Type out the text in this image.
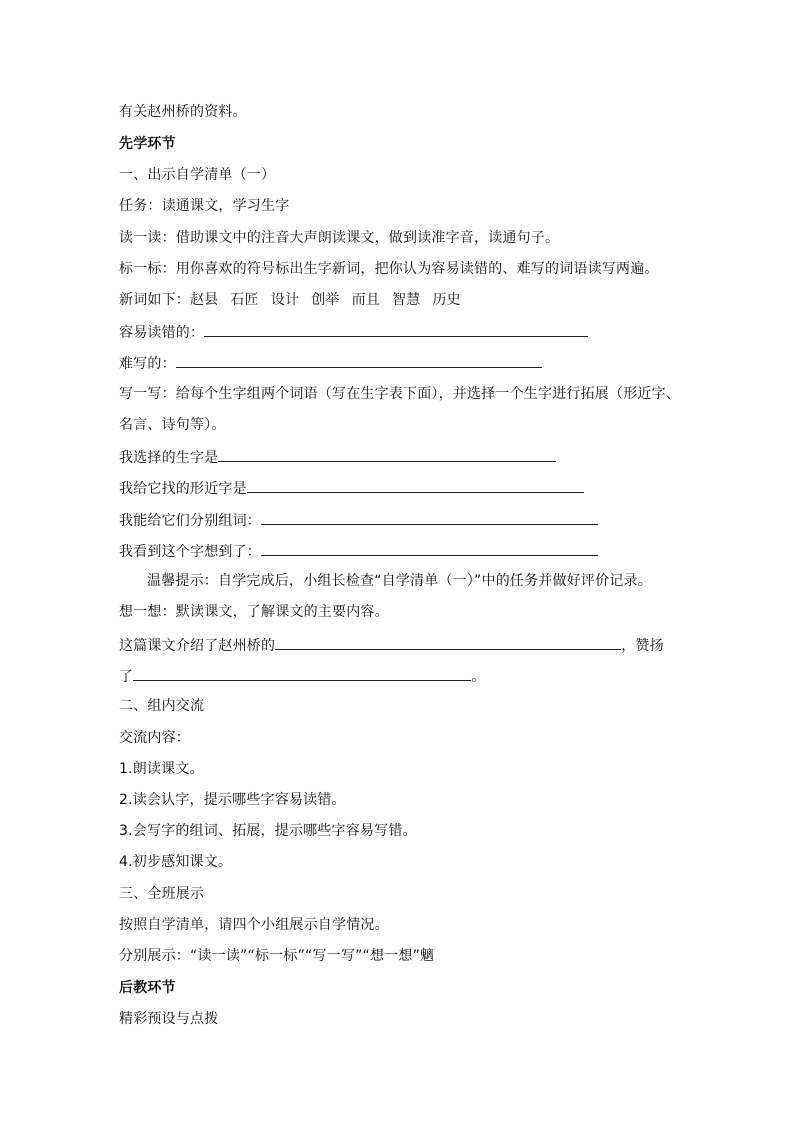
有关赵州桥的资料。
先学环节
一、出示自学清单（一）
任务：读通课文，学习生字
读一读：借助课文中的注音大声朗读课文，做到读准字音，读通句子。
标一标：用你喜欢的符号标出生字新词，把你认为容易读错的、难写的词语读写两遍。
新词如下：赵县 石匠 设计 创举 而且 智慧 历史
容易读错的：
难写的：
写一写：给每个生字组两个词语（写在生字表下面），并选择一个生字进行拓展（形近字、
名言、诗句等）。
我选择的生字是
我给它找的形近字是
我能给它们分别组词：
我看到这个字想到了：
温馨提示：自学完成后，小组长检查“自学清单（一）”中的任务并做好评价记录。
想一想：默读课文，了解课文的主要内容。
这篇课文介绍了赵州桥的	，赞扬
了	。
二、组内交流
交流内容：
1.朗读课文。
2.读会认字，提示哪些字容易读错。
3.会写字的组词、拓展，提示哪些字容易写错。
4.初步感知课文。
三、全班展示
按照自学清单，请四个小组展示自学情况。
分别展示：“读一读”“标一标”“写一写”“想一想”魑
后教环节
精彩预设与点拨
